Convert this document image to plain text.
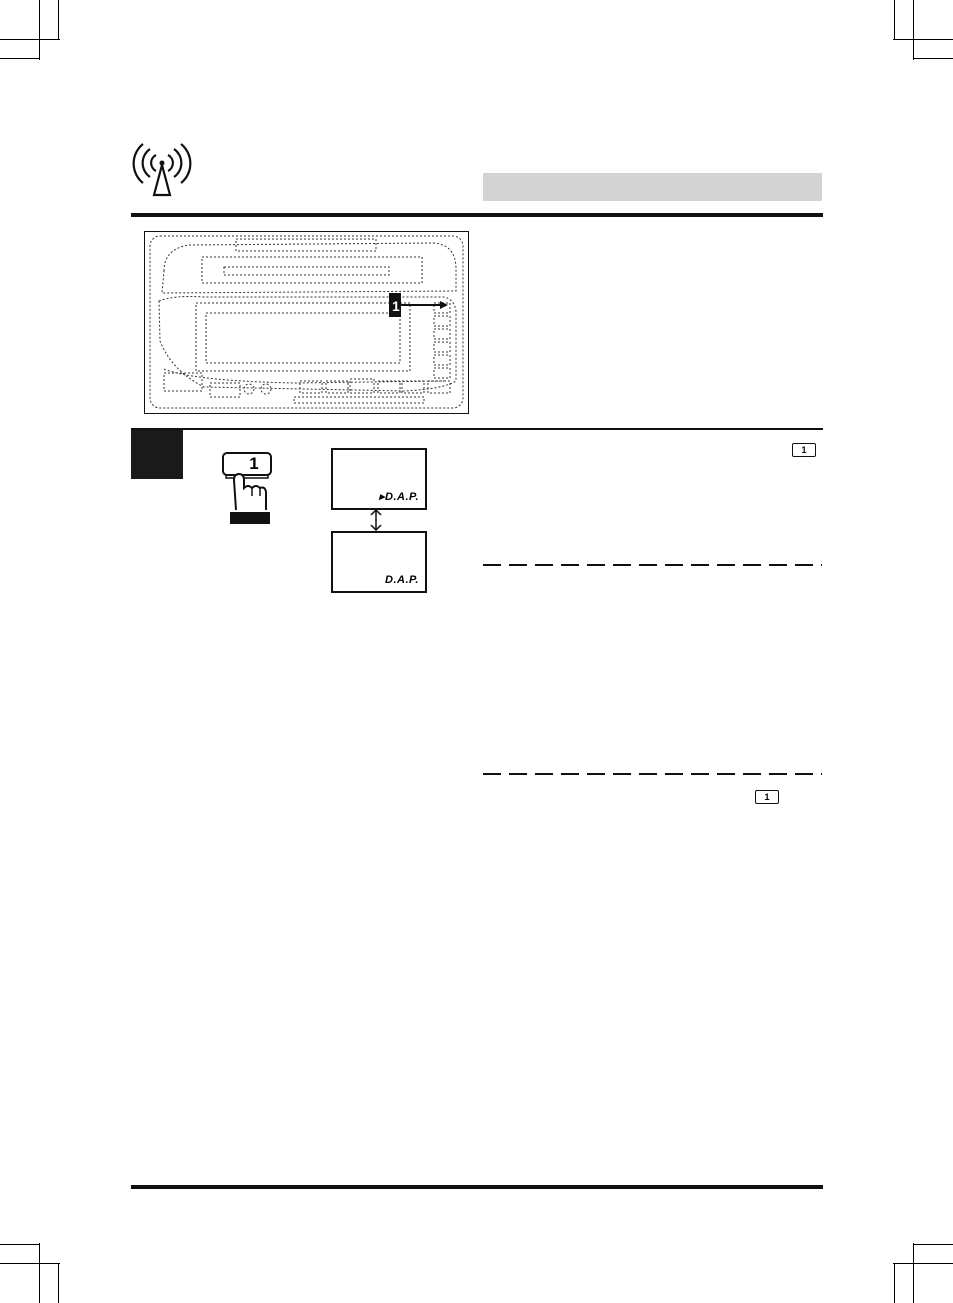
1
1
▸D.A.P.
D.A.P.
1
1
